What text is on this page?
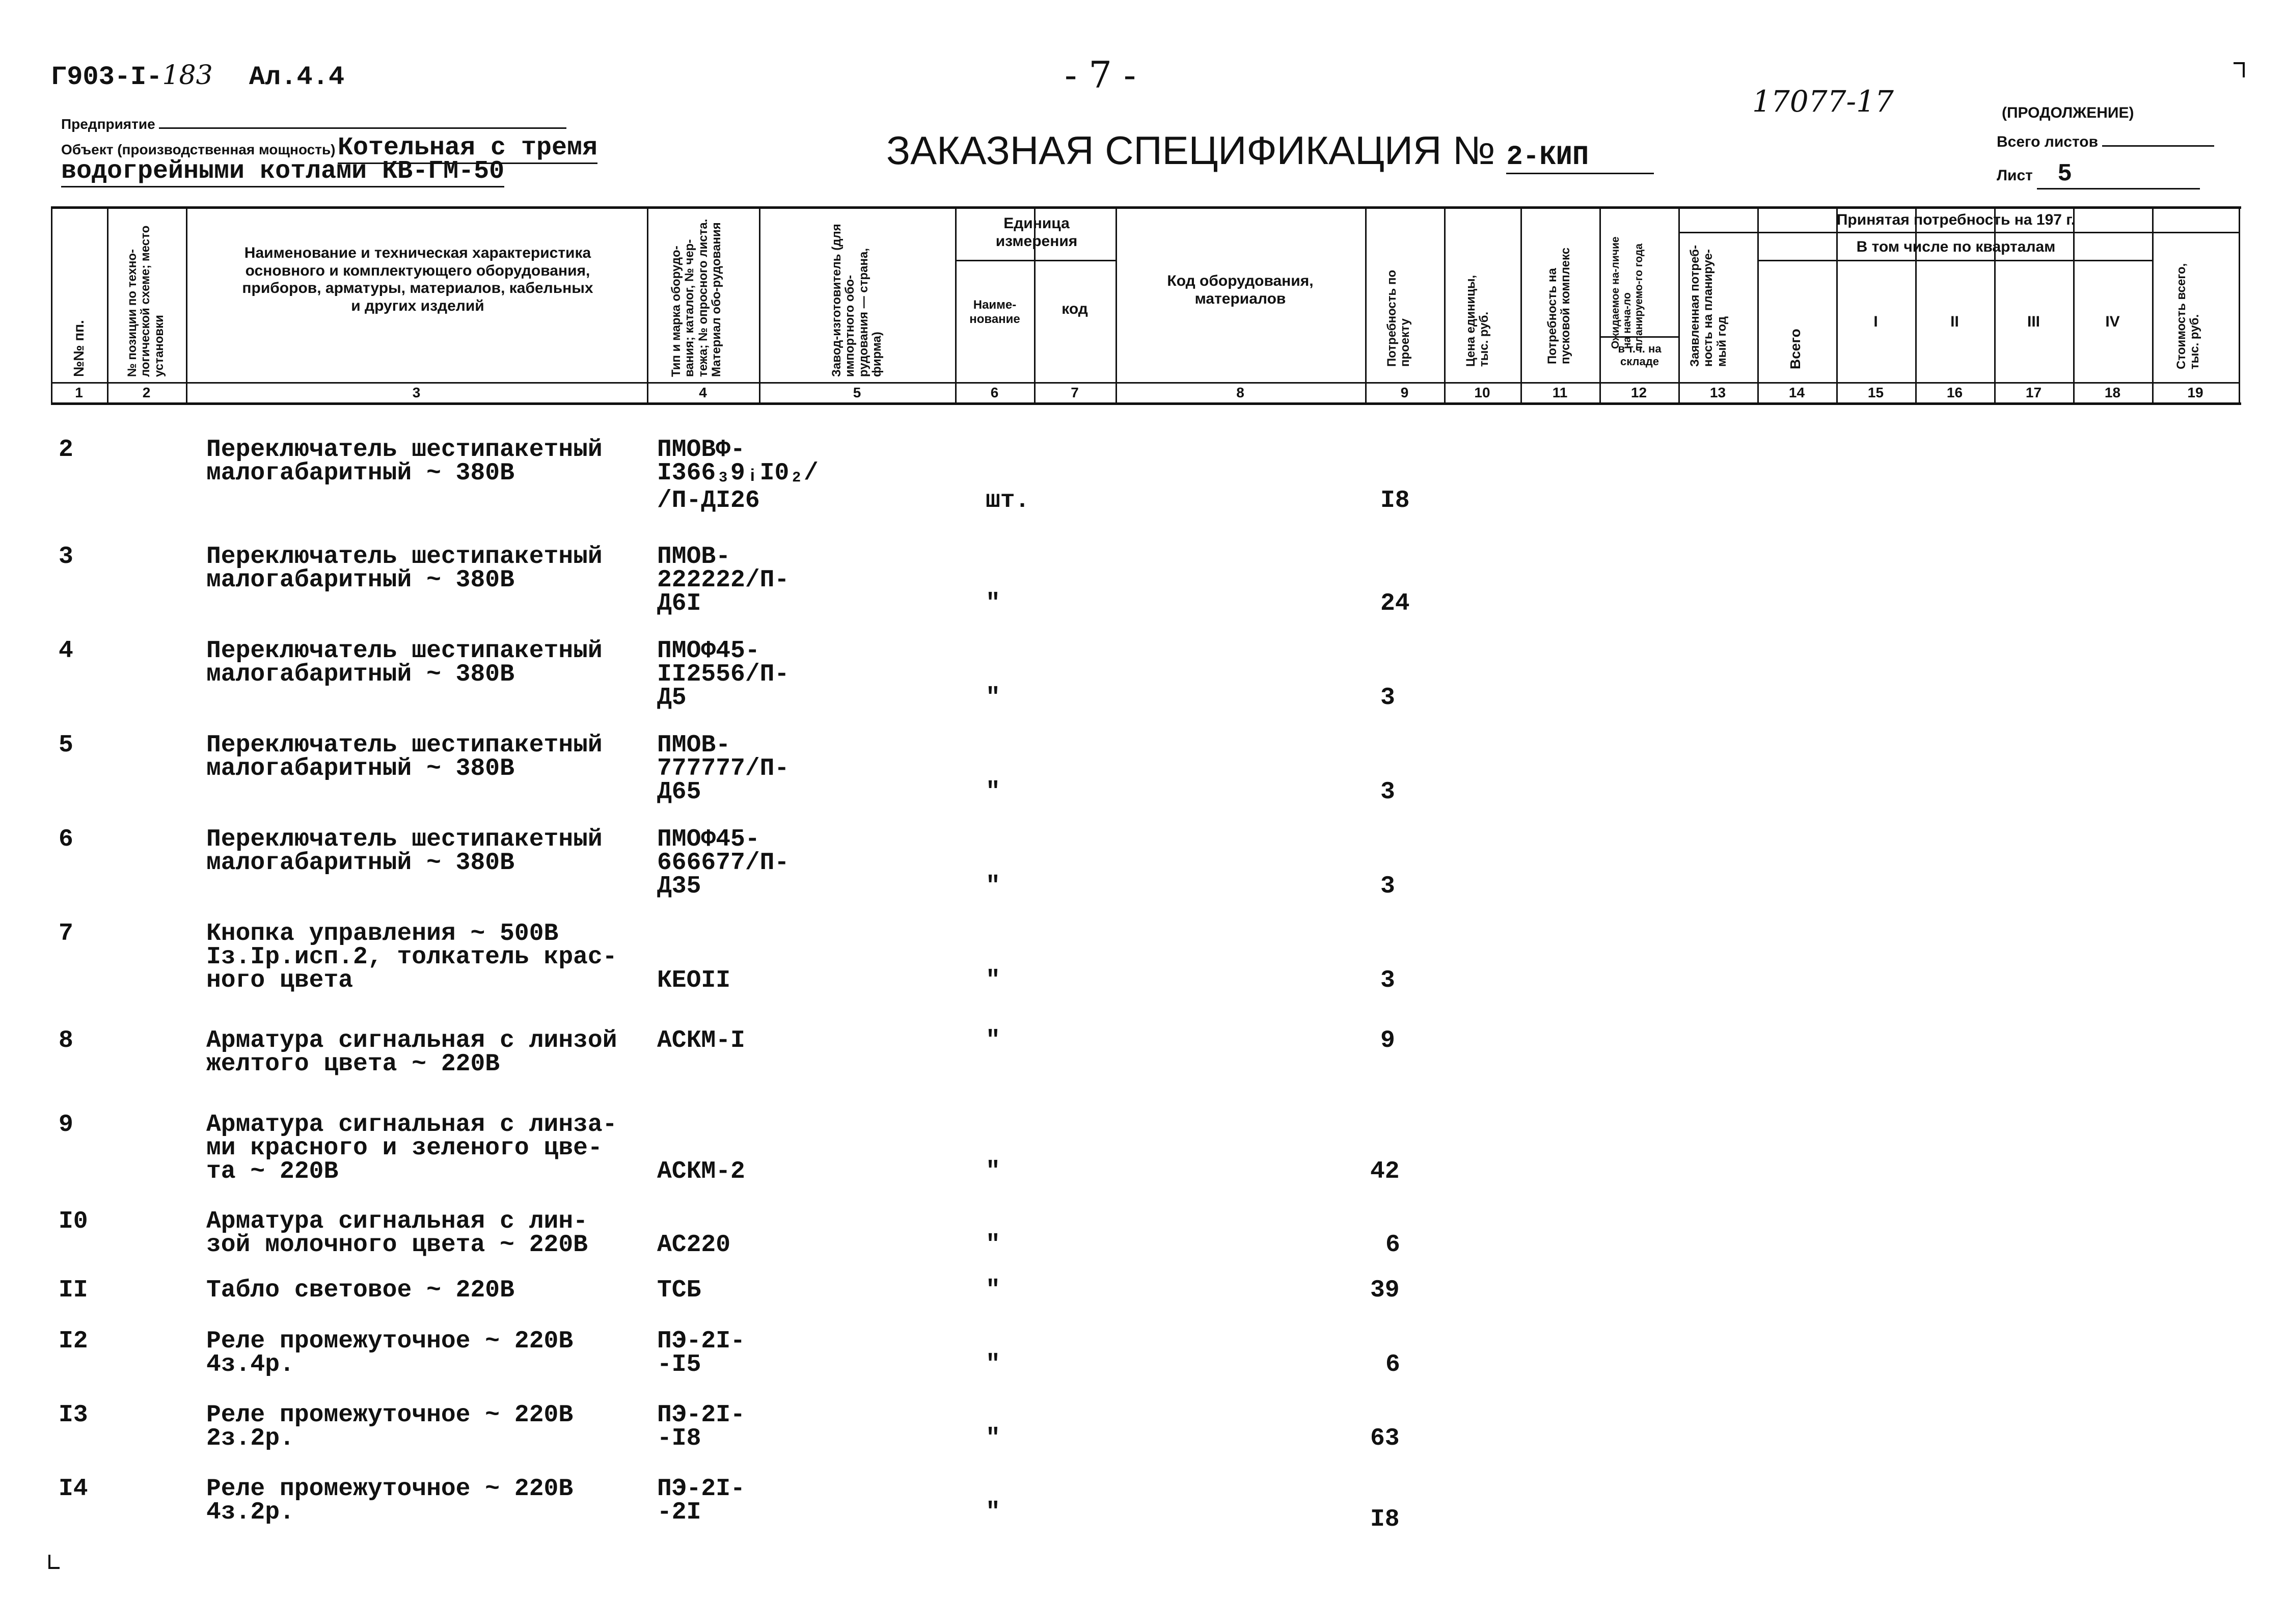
Г903-I-183 Ал.4.4	- 7 -
17077-17	(ПРОДОЛЖЕНИЕ)
Предприятие
Объект (производственная мощность) Котельная с тремя
водогрейными котлами КВ-ГМ-50	ЗАКАЗНАЯ СПЕЦИФИКАЦИЯ № 2-КИП	Всего листов
Лист 5
№№ пп.	№ позиции по техно-логической схеме; место установки
Наименование и техническая характеристика
основного и комплектующего оборудования,
приборов, арматуры, материалов, кабельных
и других изделий	Тип и марка оборудо-вания; каталог, № чер-тежа; № опросного листа. Материал обо-рудования	Завод-изготовитель (для импортного обо-рудования — страна, фирма)
Единица измерения
Наиме-нование
код
Код оборудования, материалов	Потребность по проекту	Цена единицы, тыс. руб.	Потребность на пусковой комплекс	Ожидаемое на-личие на нача-ло планируемо-го года
в т.ч. на складе	Заявленная потреб-ность на планируе-мый год
Принятая потребность на 197 г.
В том числе по кварталам
Всего
I	II	III	IV	Стоимость всего, тыс. руб.
1	2	3	4	5	6	7	8	9	10	11	12	13	14	15	16	17	18	19
2	Переключатель шестипакетный
малогабаритный ~ 380В
ПМОВФ-
I366₃9ᵢI0₂/
/П-ДI26	шт.	I8
3	Переключатель шестипакетный
малогабаритный ~ 380В
ПМОВ-
222222/П-
Д6I	"	24
4	Переключатель шестипакетный
малогабаритный ~ 380В
ПМОФ45-
II2556/П-
Д5	"	3
5	Переключатель шестипакетный
малогабаритный ~ 380В
ПМОВ-
777777/П-
Д65	"	3
6	Переключатель шестипакетный
малогабаритный ~ 380В
ПМОФ45-
666677/П-
Д35	"	3
7	Кнопка управления ~ 500В
Iз.Iр.исп.2, толкатель крас-
ного цвета	КЕОII	"	3
8	Арматура сигнальная с линзой
желтого цвета ~ 220В
АСКМ-I	"	9
9	Арматура сигнальная с линза-
ми красного и зеленого цве-
та ~ 220В	АСКМ-2	"	42
I0	Арматура сигнальная с лин-
зой молочного цвета ~ 220В	АС220	"	6
II	Табло световое ~ 220В	ТСБ	"	39
I2	Реле промежуточное ~ 220В
4з.4р.
ПЭ-2I-
-I5	"	6
I3	Реле промежуточное ~ 220В
2з.2р.
ПЭ-2I-
-I8	"	63
I4	Реле промежуточное ~ 220В
4з.2р.
ПЭ-2I-
-2I	"	I8
